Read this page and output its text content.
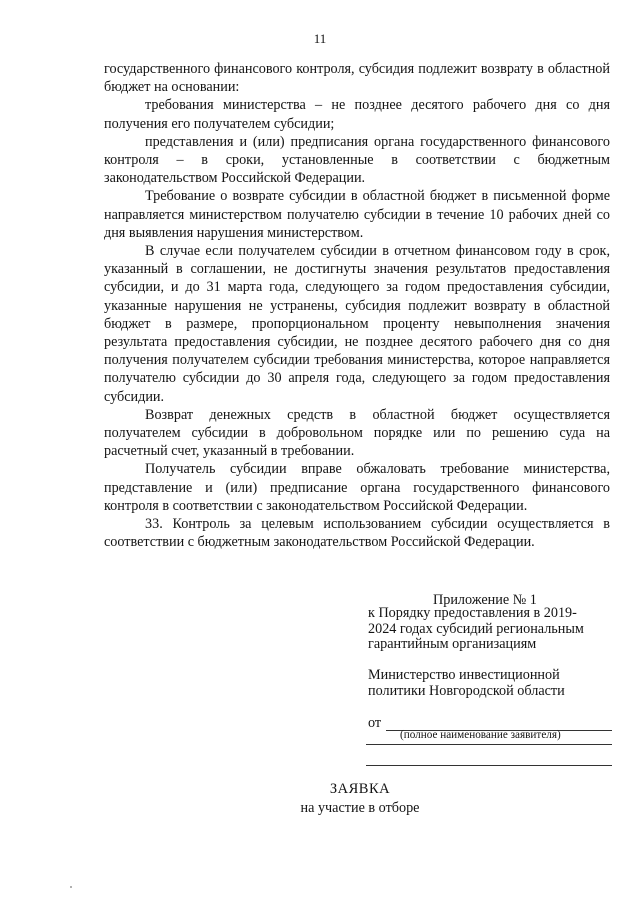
11

государственного финансового контроля, субсидия подлежит возврату в областной бюджет на основании:

требования министерства – не позднее десятого рабочего дня со дня получения его получателем субсидии;

представления и (или) предписания органа государственного финансового контроля – в сроки, установленные в соответствии с бюджетным законодательством Российской Федерации.

Требование о возврате субсидии в областной бюджет в письменной форме направляется министерством получателю субсидии в течение 10 рабочих дней со дня выявления нарушения министерством.

В случае если получателем субсидии в отчетном финансовом году в срок, указанный в соглашении, не достигнуты значения результатов предоставления субсидии, и до 31 марта года, следующего за годом предоставления субсидии, указанные нарушения не устранены, субсидия подлежит возврату в областной бюджет в размере, пропорциональном проценту невыполнения значения результата предоставления субсидии, не позднее десятого рабочего дня со дня получения получателем субсидии требования министерства, которое направляется получателю субсидии до 30 апреля года, следующего за годом предоставления субсидии.

Возврат денежных средств в областной бюджет осуществляется получателем субсидии в добровольном порядке или по решению суда на расчетный счет, указанный в требовании.

Получатель субсидии вправе обжаловать требование министерства, представление и (или) предписание органа государственного финансового контроля в соответствии с законодательством Российской Федерации.

33. Контроль за целевым использованием субсидии осуществляется в соответствии с бюджетным законодательством Российской Федерации.

Приложение № 1
к Порядку предоставления в 2019-
2024 годах субсидий региональным
гарантийным организациям
Министерство инвестиционной
политики Новгородской области
от
(полное наименование заявителя)
ЗАЯВКА
на участие в отборе
